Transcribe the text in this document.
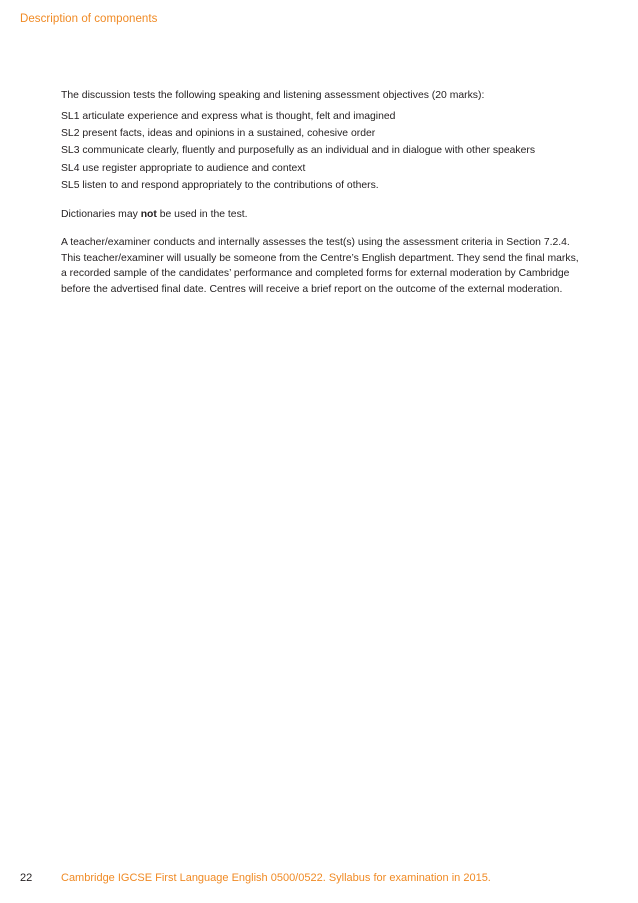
Description of components

The discussion tests the following speaking and listening assessment objectives (20 marks):

SL1 articulate experience and express what is thought, felt and imagined
SL2 present facts, ideas and opinions in a sustained, cohesive order
SL3 communicate clearly, fluently and purposefully as an individual and in dialogue with other speakers
SL4 use register appropriate to audience and context
SL5 listen to and respond appropriately to the contributions of others.

Dictionaries may not be used in the test.

A teacher/examiner conducts and internally assesses the test(s) using the assessment criteria in Section 7.2.4. This teacher/examiner will usually be someone from the Centre’s English department. They send the final marks, a recorded sample of the candidates’ performance and completed forms for external moderation by Cambridge before the advertised final date. Centres will receive a brief report on the outcome of the external moderation.

22	Cambridge IGCSE First Language English 0500/0522. Syllabus for examination in 2015.
